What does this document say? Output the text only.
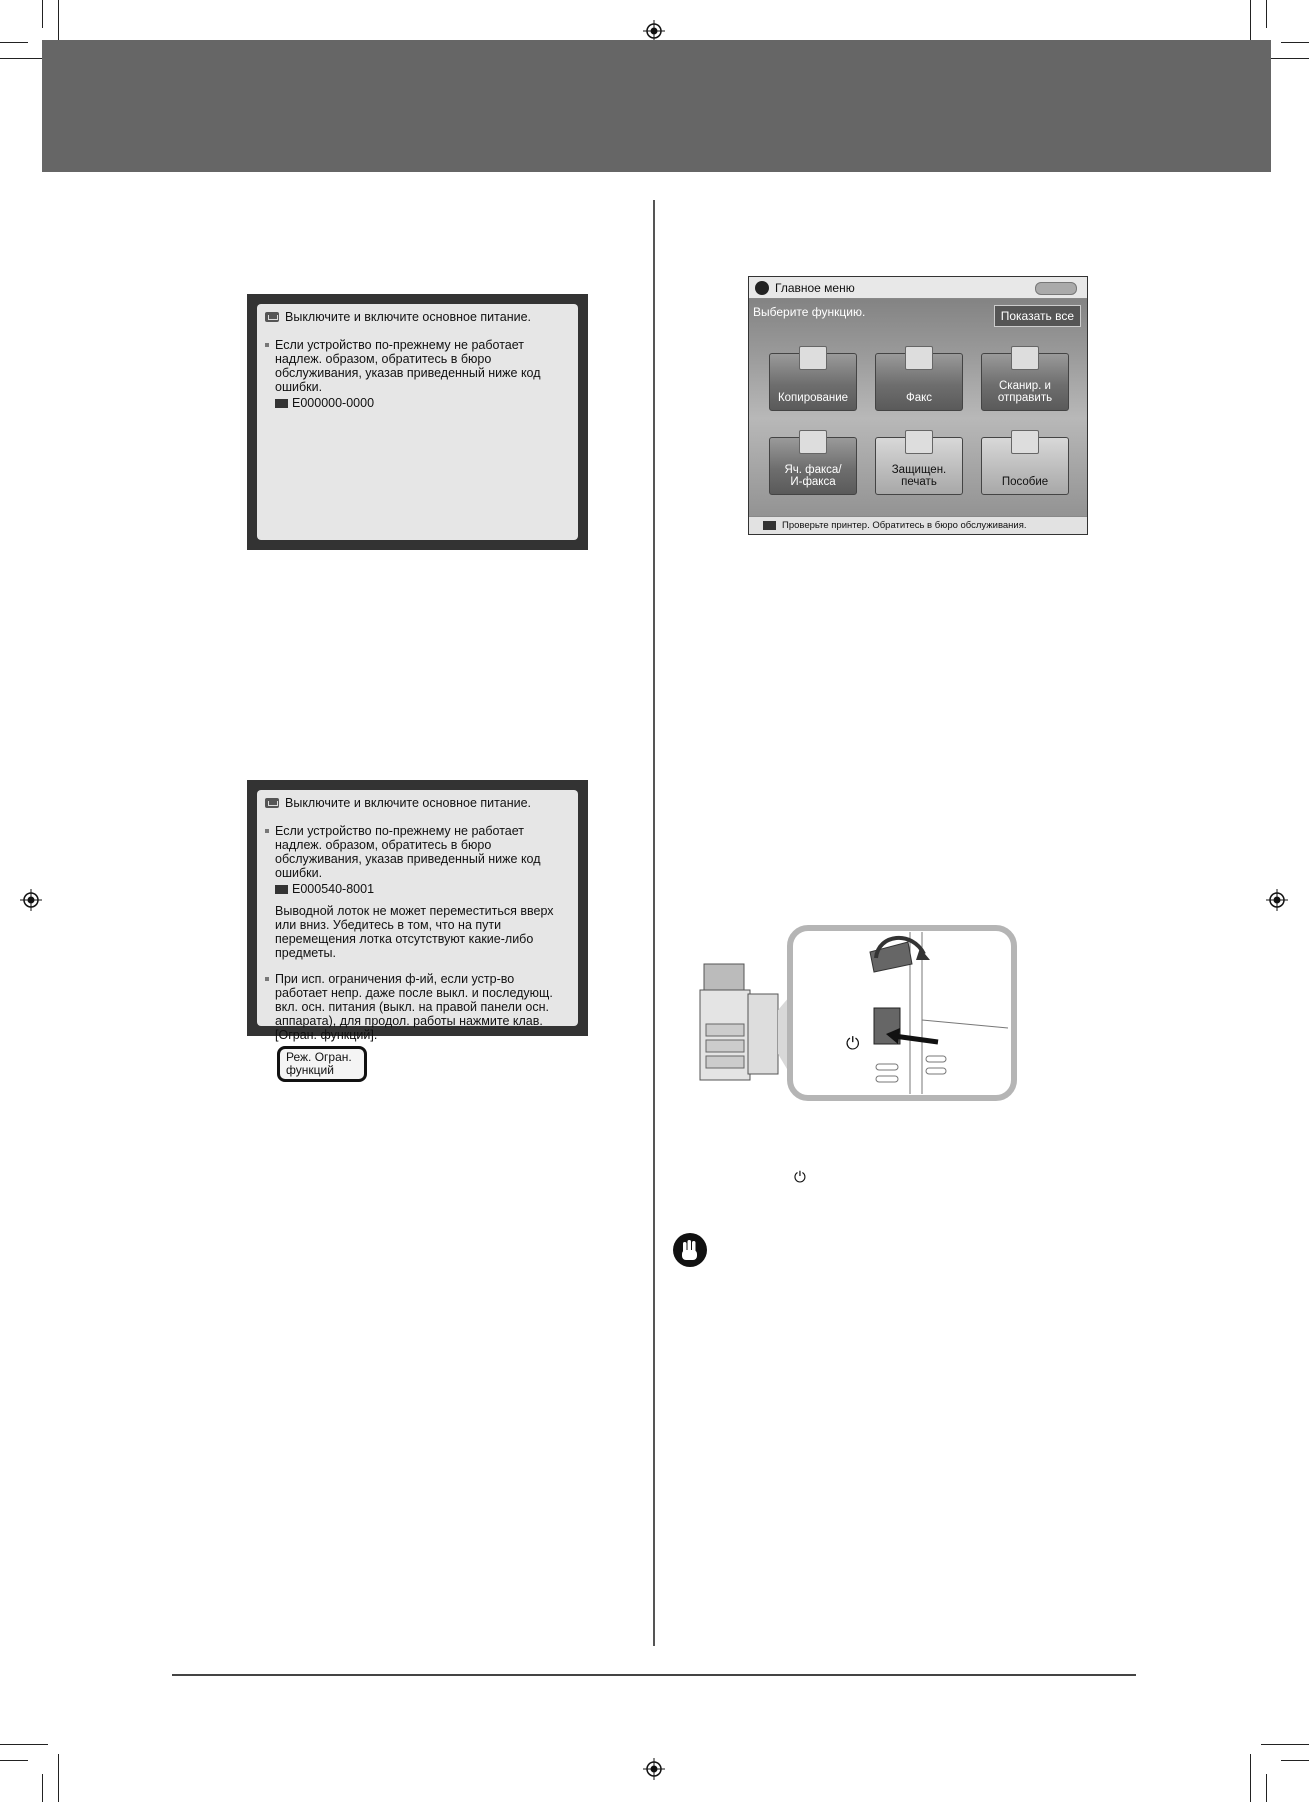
Выключите и включите основное питание.
Если устройство по-прежнему не работает надлеж. образом, обратитесь в бюро обслуживания, указав приведенный ниже код ошибки.
E000000-0000
Выключите и включите основное питание.
Если устройство по-прежнему не работает надлеж. образом, обратитесь в бюро обслуживания, указав приведенный ниже код ошибки.
E000540-8001
Выводной лоток не может переместиться вверх или вниз. Убедитесь в том, что на пути перемещения лотка отсутствуют какие-либо предметы.
При исп. ограничения ф-ий, если устр-во работает непр. даже после выкл. и последующ. вкл. осн. питания (выкл. на правой панели осн. аппарата), для продол. работы нажмите клав. [Огран. функций].
Реж. Огран. функций
Главное меню
Выберите функцию.	Показать все
Копирование	Факс
Сканир. и отправить
Яч. факса/ И-факса
Защищен. печать	Пособие
Проверьте принтер. Обратитесь в бюро обслуживания.
⏻
⏻
